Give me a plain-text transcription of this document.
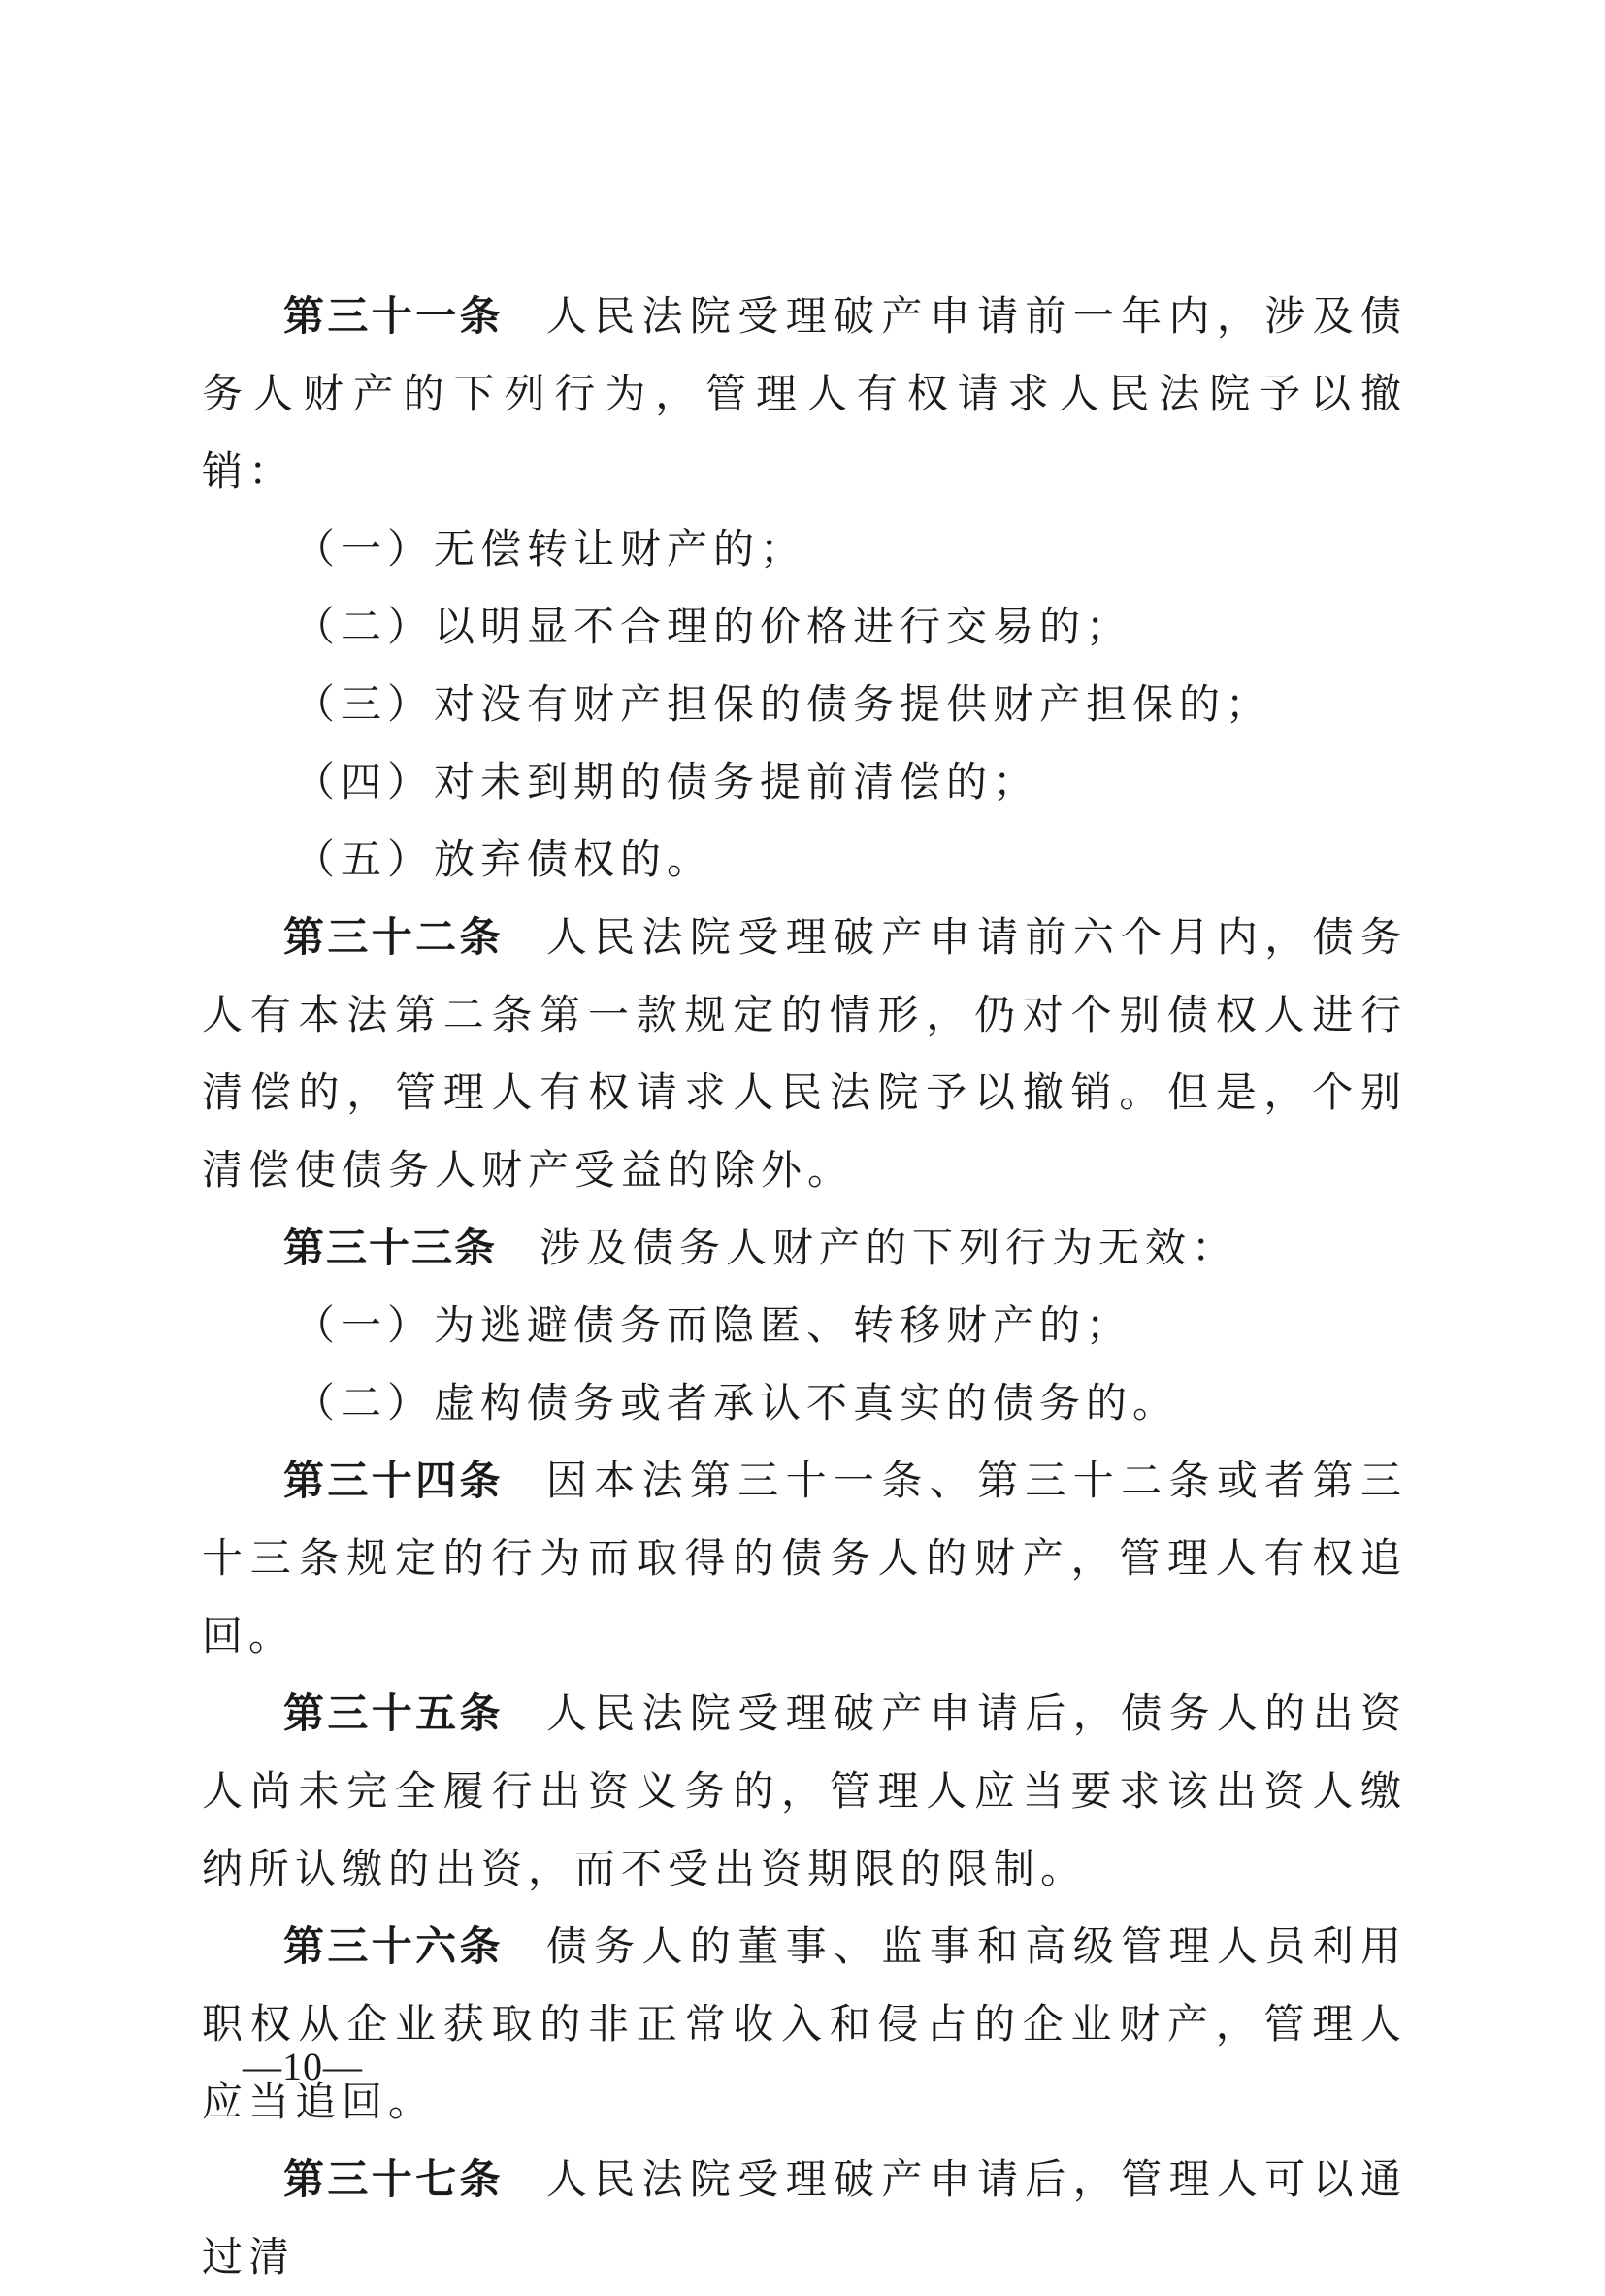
第三十一条 人民法院受理破产申请前一年内，涉及债务人财产的下列行为，管理人有权请求人民法院予以撤销：

（一）无偿转让财产的；

（二）以明显不合理的价格进行交易的；

（三）对没有财产担保的债务提供财产担保的；

（四）对未到期的债务提前清偿的；

（五）放弃债权的。

第三十二条 人民法院受理破产申请前六个月内，债务人有本法第二条第一款规定的情形，仍对个别债权人进行清偿的，管理人有权请求人民法院予以撤销。但是，个别清偿使债务人财产受益的除外。

第三十三条 涉及债务人财产的下列行为无效：

（一）为逃避债务而隐匿、转移财产的；

（二）虚构债务或者承认不真实的债务的。

第三十四条 因本法第三十一条、第三十二条或者第三十三条规定的行为而取得的债务人的财产，管理人有权追回。

第三十五条 人民法院受理破产申请后，债务人的出资人尚未完全履行出资义务的，管理人应当要求该出资人缴纳所认缴的出资，而不受出资期限的限制。

第三十六条 债务人的董事、监事和高级管理人员利用职权从企业获取的非正常收入和侵占的企业财产，管理人应当追回。

第三十七条 人民法院受理破产申请后，管理人可以通过清

—10—
